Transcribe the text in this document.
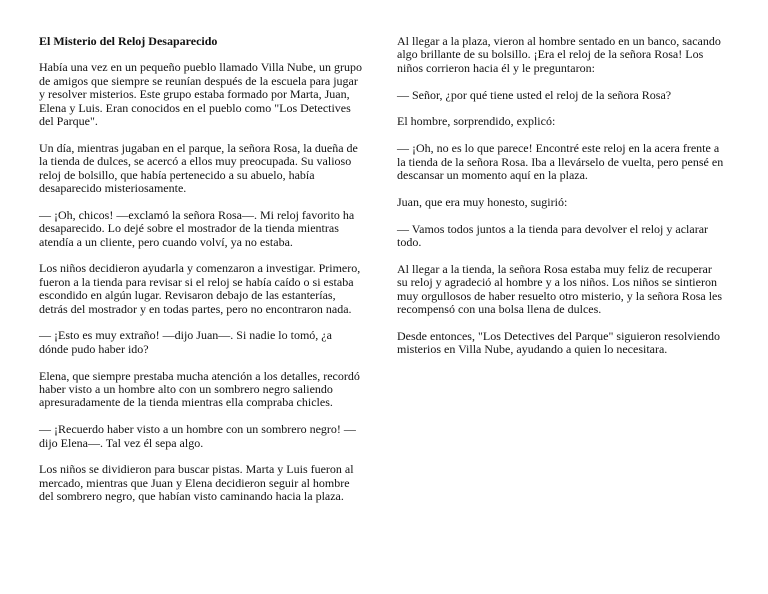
El Misterio del Reloj Desaparecido

Había una vez en un pequeño pueblo llamado Villa Nube, un grupo de amigos que siempre se reunían después de la escuela para jugar y resolver misterios. Este grupo estaba formado por Marta, Juan, Elena y Luis. Eran conocidos en el pueblo como "Los Detectives del Parque".

Un día, mientras jugaban en el parque, la señora Rosa, la dueña de la tienda de dulces, se acercó a ellos muy preocupada. Su valioso reloj de bolsillo, que había pertenecido a su abuelo, había desaparecido misteriosamente.

— ¡Oh, chicos! —exclamó la señora Rosa—. Mi reloj favorito ha desaparecido. Lo dejé sobre el mostrador de la tienda mientras atendía a un cliente, pero cuando volví, ya no estaba.

Los niños decidieron ayudarla y comenzaron a investigar. Primero, fueron a la tienda para revisar si el reloj se había caído o si estaba escondido en algún lugar. Revisaron debajo de las estanterías, detrás del mostrador y en todas partes, pero no encontraron nada.

— ¡Esto es muy extraño! —dijo Juan—. Si nadie lo tomó, ¿a dónde pudo haber ido?

Elena, que siempre prestaba mucha atención a los detalles, recordó haber visto a un hombre alto con un sombrero negro saliendo apresuradamente de la tienda mientras ella compraba chicles.

— ¡Recuerdo haber visto a un hombre con un sombrero negro! —dijo Elena—. Tal vez él sepa algo.

Los niños se dividieron para buscar pistas. Marta y Luis fueron al mercado, mientras que Juan y Elena decidieron seguir al hombre del sombrero negro, que habían visto caminando hacia la plaza.

Al llegar a la plaza, vieron al hombre sentado en un banco, sacando algo brillante de su bolsillo. ¡Era el reloj de la señora Rosa! Los niños corrieron hacia él y le preguntaron:

— Señor, ¿por qué tiene usted el reloj de la señora Rosa?

El hombre, sorprendido, explicó:

— ¡Oh, no es lo que parece! Encontré este reloj en la acera frente a la tienda de la señora Rosa. Iba a llevárselo de vuelta, pero pensé en descansar un momento aquí en la plaza.

Juan, que era muy honesto, sugirió:

— Vamos todos juntos a la tienda para devolver el reloj y aclarar todo.

Al llegar a la tienda, la señora Rosa estaba muy feliz de recuperar su reloj y agradeció al hombre y a los niños. Los niños se sintieron muy orgullosos de haber resuelto otro misterio, y la señora Rosa les recompensó con una bolsa llena de dulces.

Desde entonces, "Los Detectives del Parque" siguieron resolviendo misterios en Villa Nube, ayudando a quien lo necesitara.
